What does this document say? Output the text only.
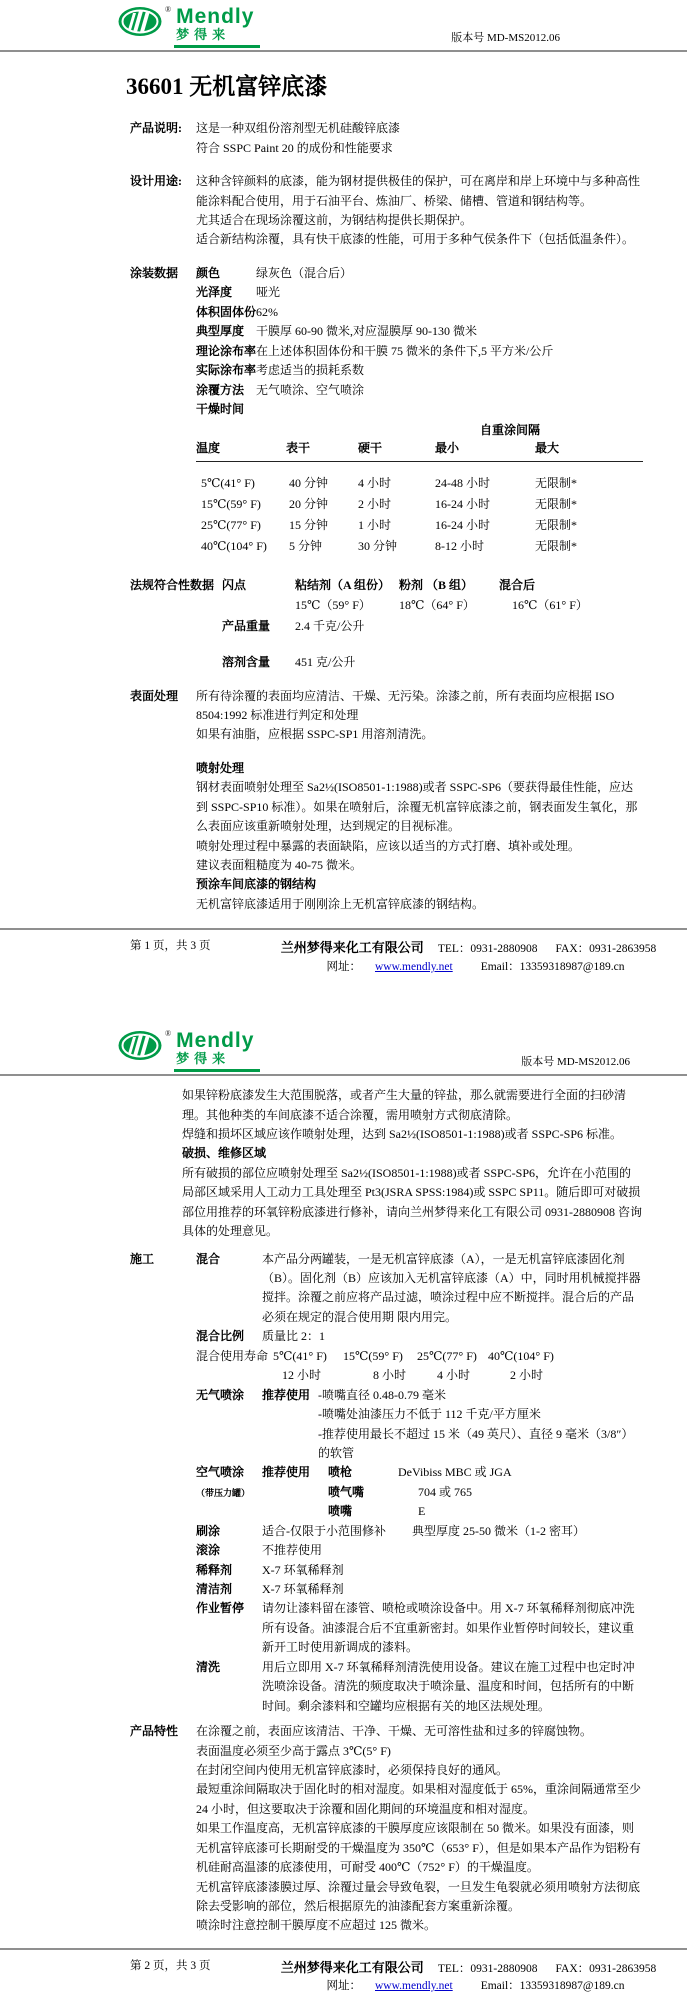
® Mendly
梦得来	版本号 MD-MS2012.06
36601 无机富锌底漆
产品说明:	这是一种双组份溶剂型无机硅酸锌底漆

符合 SSPC Paint 20 的成份和性能要求

设计用途:	这种含锌颜料的底漆，能为钢材提供极佳的保护，可在离岸和岸上环境中与多种高性能涂料配合使用，用于石油平台、炼油厂、桥梁、储槽、管道和钢结构等。

尤其适合在现场涂覆这前，为钢结构提供长期保护。

适合新结构涂覆，具有快干底漆的性能，可用于多种气侯条件下（包括低温条件）。

涂装数据	颜色	绿灰色（混合后）
光泽度	哑光
体积固体份 62%
典型厚度 干膜厚 60-90 微米,对应湿膜厚 90-130 微米
理论涂布率 在上述体积固体份和干膜 75 微米的条件下,5 平方米/公斤
实际涂布率 考虑适当的损耗系数
涂覆方法 无气喷涂、空气喷涂
干燥时间
自重涂间隔
温度	表干	硬干	最小	最大
5℃(41° F)	40 分钟	4 小时	24-48 小时	无限制*
15℃(59° F)	20 分钟	2 小时	16-24 小时	无限制*
25℃(77° F)	15 分钟	1 小时	16-24 小时	无限制*
40℃(104° F)	5 分钟	30 分钟	8-12 小时	无限制*
法规符合性数据 闪点	粘结剂（A 组份） 粉剂 （B 组）	混合后
15℃（59° F）	18℃（64° F）	16℃（61° F）
产品重量	2.4 千克/公升
溶剂含量	451 克/公升
表面处理	所有待涂覆的表面均应清洁、干燥、无污染。涂漆之前，所有表面均应根据 ISO 8504:1992 标准进行判定和处理

如果有油脂，应根据 SSPC-SP1 用溶剂清洗。

喷射处理

钢材表面喷射处理至 Sa2½(ISO8501-1:1988)或者 SSPC-SP6（要获得最佳性能，应达到 SSPC-SP10 标准）。如果在喷射后，涂覆无机富锌底漆之前，钢表面发生氧化，那么表面应该重新喷射处理，达到规定的目视标准。

喷射处理过程中暴露的表面缺陷，应该以适当的方式打磨、填补或处理。

建议表面粗糙度为 40-75 微米。

预涂车间底漆的钢结构

无机富锌底漆适用于刚刚涂上无机富锌底漆的钢结构。

第 1 页，共 3 页	兰州梦得来化工有限公司 TEL：0931-2880908 FAX：0931-2863958
网址： www.mendly.net Email：13359318987@189.cn
® Mendly
梦得来	版本号 MD-MS2012.06

如果锌粉底漆发生大范围脱落，或者产生大量的锌盐，那么就需要进行全面的扫砂清理。其他种类的车间底漆不适合涂覆，需用喷射方式彻底清除。

焊缝和损坏区域应该作喷射处理，达到 Sa2½(ISO8501-1:1988)或者 SSPC-SP6 标准。

破损、维修区域

所有破损的部位应喷射处理至 Sa2½(ISO8501-1:1988)或者 SSPC-SP6，允许在小范围的局部区域采用人工动力工具处理至 Pt3(JSRA SPSS:1984)或 SSPC SP11。随后即可对破损部位用推荐的环氧锌粉底漆进行修补，请向兰州梦得来化工有限公司 0931-2880908 咨询具体的处理意见。

施工	混合	本产品分两罐装，一是无机富锌底漆（A），一是无机富锌底漆固化剂（B）。固化剂（B）应该加入无机富锌底漆（A）中，同时用机械搅拌器搅拌。涂覆之前应将产品过滤，喷涂过程中应不断搅拌。混合后的产品必须在规定的混合使用期 限内用完。

混合比例	质量比 2：1
混合使用寿命 5℃(41° F)	15℃(59° F)	25℃(77° F) 40℃(104° F)
12 小时	8 小时	4 小时	2 小时
无气喷涂	推荐使用 -喷嘴直径 0.48-0.79 毫米

-喷嘴处油漆压力不低于 112 千克/平方厘米

-推荐使用最长不超过 15 米（49 英尺）、直径 9 毫米（3/8″）的软管

空气喷涂
（带压力罐）
推荐使用	喷枪	DeVibiss MBC 或 JGA
喷气嘴	704 或 765
喷嘴	E
刷涂	适合-仅限于小范围修补 典型厚度 25-50 微米（1-2 密耳）
滚涂	不推荐使用
稀释剂	X-7 环氧稀释剂
清洁剂	X-7 环氧稀释剂
作业暂停	请勿让漆料留在漆管、喷枪或喷涂设备中。用 X-7 环氧稀释剂彻底冲洗所有设备。油漆混合后不宜重新密封。如果作业暂停时间较长，建议重新开工时使用新调成的漆料。

清洗	用后立即用 X-7 环氧稀释剂清洗使用设备。建议在施工过程中也定时冲洗喷涂设备。清洗的频度取决于喷涂量、温度和时间，包括所有的中断时间。剩余漆料和空罐均应根据有关的地区法规处理。

产品特性	在涂覆之前，表面应该清洁、干净、干燥、无可溶性盐和过多的锌腐蚀物。

表面温度必须至少高于露点 3℃(5° F)

在封闭空间内使用无机富锌底漆时，必须保持良好的通风。

最短重涂间隔取决于固化时的相对湿度。如果相对湿度低于 65%，重涂间隔通常至少 24 小时，但这要取决于涂覆和固化期间的环境温度和相对湿度。

如果工作温度高，无机富锌底漆的干膜厚度应该限制在 50 微米。如果没有面漆，则无机富锌底漆可长期耐受的干燥温度为 350℃（653° F），但是如果本产品作为铝粉有机硅耐高温漆的底漆使用，可耐受 400℃（752° F）的干燥温度。

无机富锌底漆漆膜过厚、涂覆过量会导致龟裂，一旦发生龟裂就必须用喷射方法彻底除去受影响的部位，然后根据原先的油漆配套方案重新涂覆。

喷涂时注意控制干膜厚度不应超过 125 微米。

第 2 页，共 3 页	兰州梦得来化工有限公司 TEL：0931-2880908 FAX：0931-2863958
网址： www.mendly.net Email：13359318987@189.cn
